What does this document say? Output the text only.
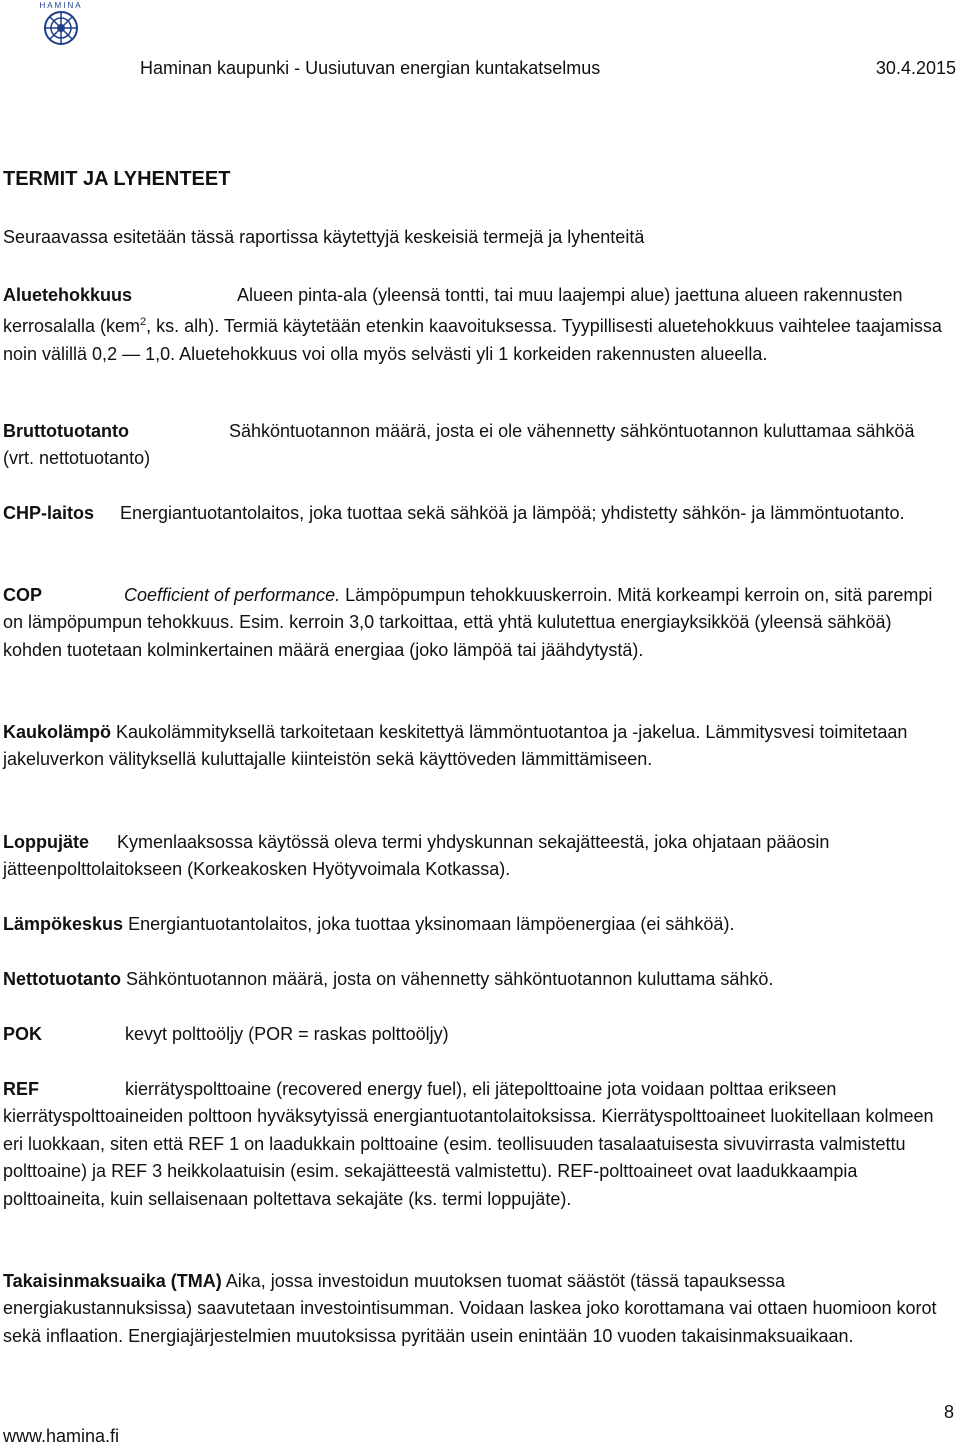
HAMINA
Haminan kaupunki - Uusiutuvan energian kuntakatselmus	30.4.2015
TERMIT JA LYHENTEET
Seuraavassa esitetään tässä raportissa käytettyjä keskeisiä termejä ja lyhenteitä
Aluetehokkuus	Alueen pinta-ala (yleensä tontti, tai muu laajempi alue) jaettuna alueen rakennusten kerrosalalla (kem$^2$, ks. alh). Termiä käytetään etenkin kaavoituksessa. Tyypillisesti aluetehokkuus vaihtelee taajamissa noin välillä 0,2 — 1,0. Aluetehokkuus voi olla myös selvästi yli 1 korkeiden rakennusten alueella.
Bruttotuotanto	Sähköntuotannon määrä, josta ei ole vähennetty sähköntuotannon kuluttamaa sähköä (vrt. nettotuotanto)
CHP-laitos Energiantuotantolaitos, joka tuottaa sekä sähköä ja lämpöä; yhdistetty sähkön- ja lämmöntuotanto.
COP	Coefficient of performance. Lämpöpumpun tehokkuuskerroin. Mitä korkeampi kerroin on, sitä parempi on lämpöpumpun tehokkuus. Esim. kerroin 3,0 tarkoittaa, että yhtä kulutettua energiayksikköä (yleensä sähköä) kohden tuotetaan kolminkertainen määrä energiaa (joko lämpöä tai jäähdytystä).
Kaukolämpö Kaukolämmityksellä tarkoitetaan keskitettyä lämmöntuotantoa ja -jakelua. Lämmitysvesi toimitetaan jakeluverkon välityksellä kuluttajalle kiinteistön sekä käyttöveden lämmittämiseen.
Loppujäte Kymenlaaksossa käytössä oleva termi yhdyskunnan sekajätteestä, joka ohjataan pääosin jätteenpolttolaitokseen (Korkeakosken Hyötyvoimala Kotkassa).
Lämpökeskus Energiantuotantolaitos, joka tuottaa yksinomaan lämpöenergiaa (ei sähköä).
Nettotuotanto Sähköntuotannon määrä, josta on vähennetty sähköntuotannon kuluttama sähkö.
POK	kevyt polttoöljy (POR = raskas polttoöljy)
REF	kierrätyspolttoaine (recovered energy fuel), eli jätepolttoaine jota voidaan polttaa erikseen kierrätyspolttoaineiden polttoon hyväksytyissä energiantuotantolaitoksissa. Kierrätyspolttoaineet luokitellaan kolmeen eri luokkaan, siten että REF 1 on laadukkain polttoaine (esim. teollisuuden tasalaatuisesta sivuvirrasta valmistettu polttoaine) ja REF 3 heikkolaatuisin (esim. sekajätteestä valmistettu). REF-polttoaineet ovat laadukkaampia polttoaineita, kuin sellaisenaan poltettava sekajäte (ks. termi loppujäte).
Takaisinmaksuaika (TMA) Aika, jossa investoidun muutoksen tuomat säästöt (tässä tapauksessa energiakustannuksissa) saavutetaan investointisumman. Voidaan laskea joko korottamana vai ottaen huomioon korot sekä inflaation. Energiajärjestelmien muutoksissa pyritään usein enintään 10 vuoden takaisinmaksuaikaan.
8
www.hamina.fi
